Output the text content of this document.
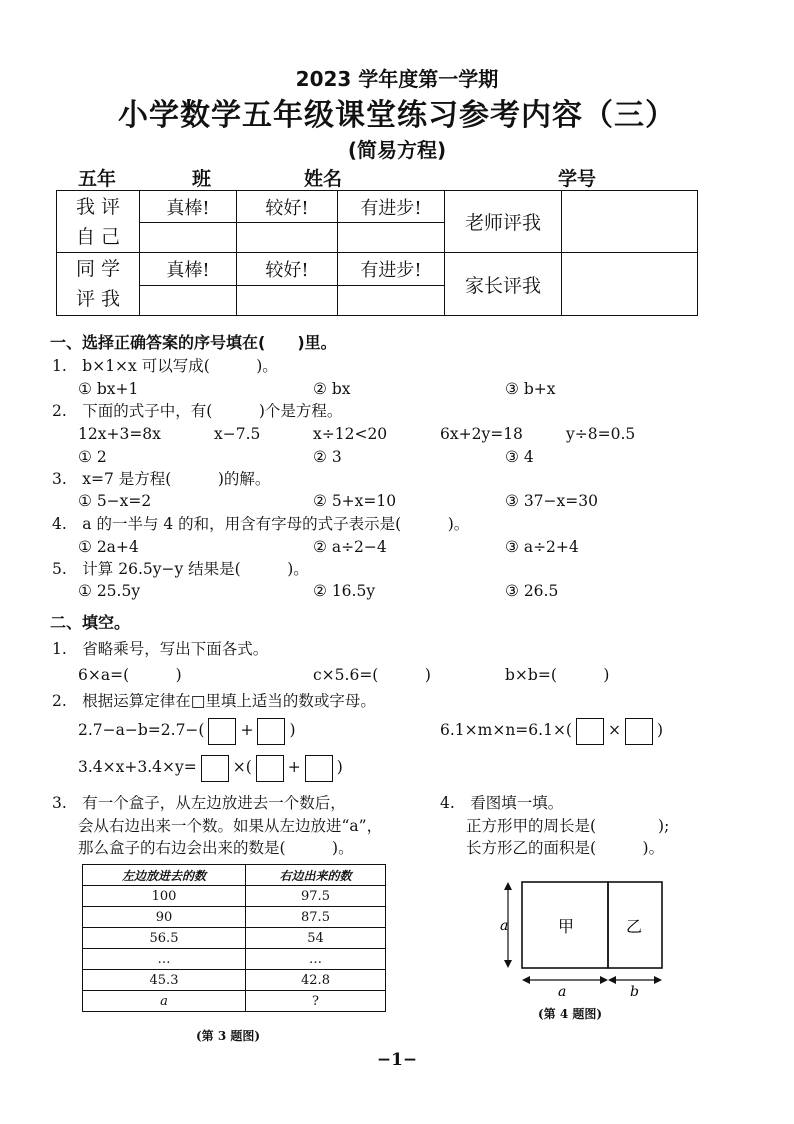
2023 学年度第一学期
小学数学五年级课堂练习参考内容（三）
(简易方程)
五年	班	姓名	学号
我 评
自 己	真棒!	较好!	有进步!	老师评我	

同 学
评 我	真棒!	较好!	有进步!	家长评我	

一、选择正确答案的序号填在(　　)里。
1.　b×1×x 可以写成(　　　)。
① bx+1	② bx	③ b+x
2.　下面的式子中，有(　　　)个是方程。
12x+3=8x	x−7.5	x÷12<20	6x+2y=18	y÷8=0.5
① 2	② 3	③ 4
3.　x=7 是方程(　　　)的解。
① 5−x=2	② 5+x=10	③ 37−x=30
4.　a 的一半与 4 的和，用含有字母的式子表示是(　　　)。
① 2a+4	② a÷2−4	③ a÷2+4
5.　计算 26.5y−y 结果是(　　　)。
① 25.5y	② 16.5y	③ 26.5
二、填空。
1.　省略乘号，写出下面各式。
6×a=(　　　)	c×5.6=(　　　)	b×b=(　　　)
2.　根据运算定律在□里填上适当的数或字母。
2.7−a−b=2.7−( + )	6.1×m×n=6.1×( × )
3.4×x+3.4×y= ×( + )
3.　有一个盒子，从左边放进去一个数后，
会从右边出来一个数。如果从左边放进“a”，
那么盒子的右边会出来的数是(　　　)。
4.　看图填一填。
正方形甲的周长是(　　　　);
长方形乙的面积是(　　　)。
左边放进去的数	右边出来的数
100	97.5
90	87.5
56.5	54
…	…
45.3	42.8
a	?
(第 3 题图)
a	甲	乙
a	b
(第 4 题图)
−1−
